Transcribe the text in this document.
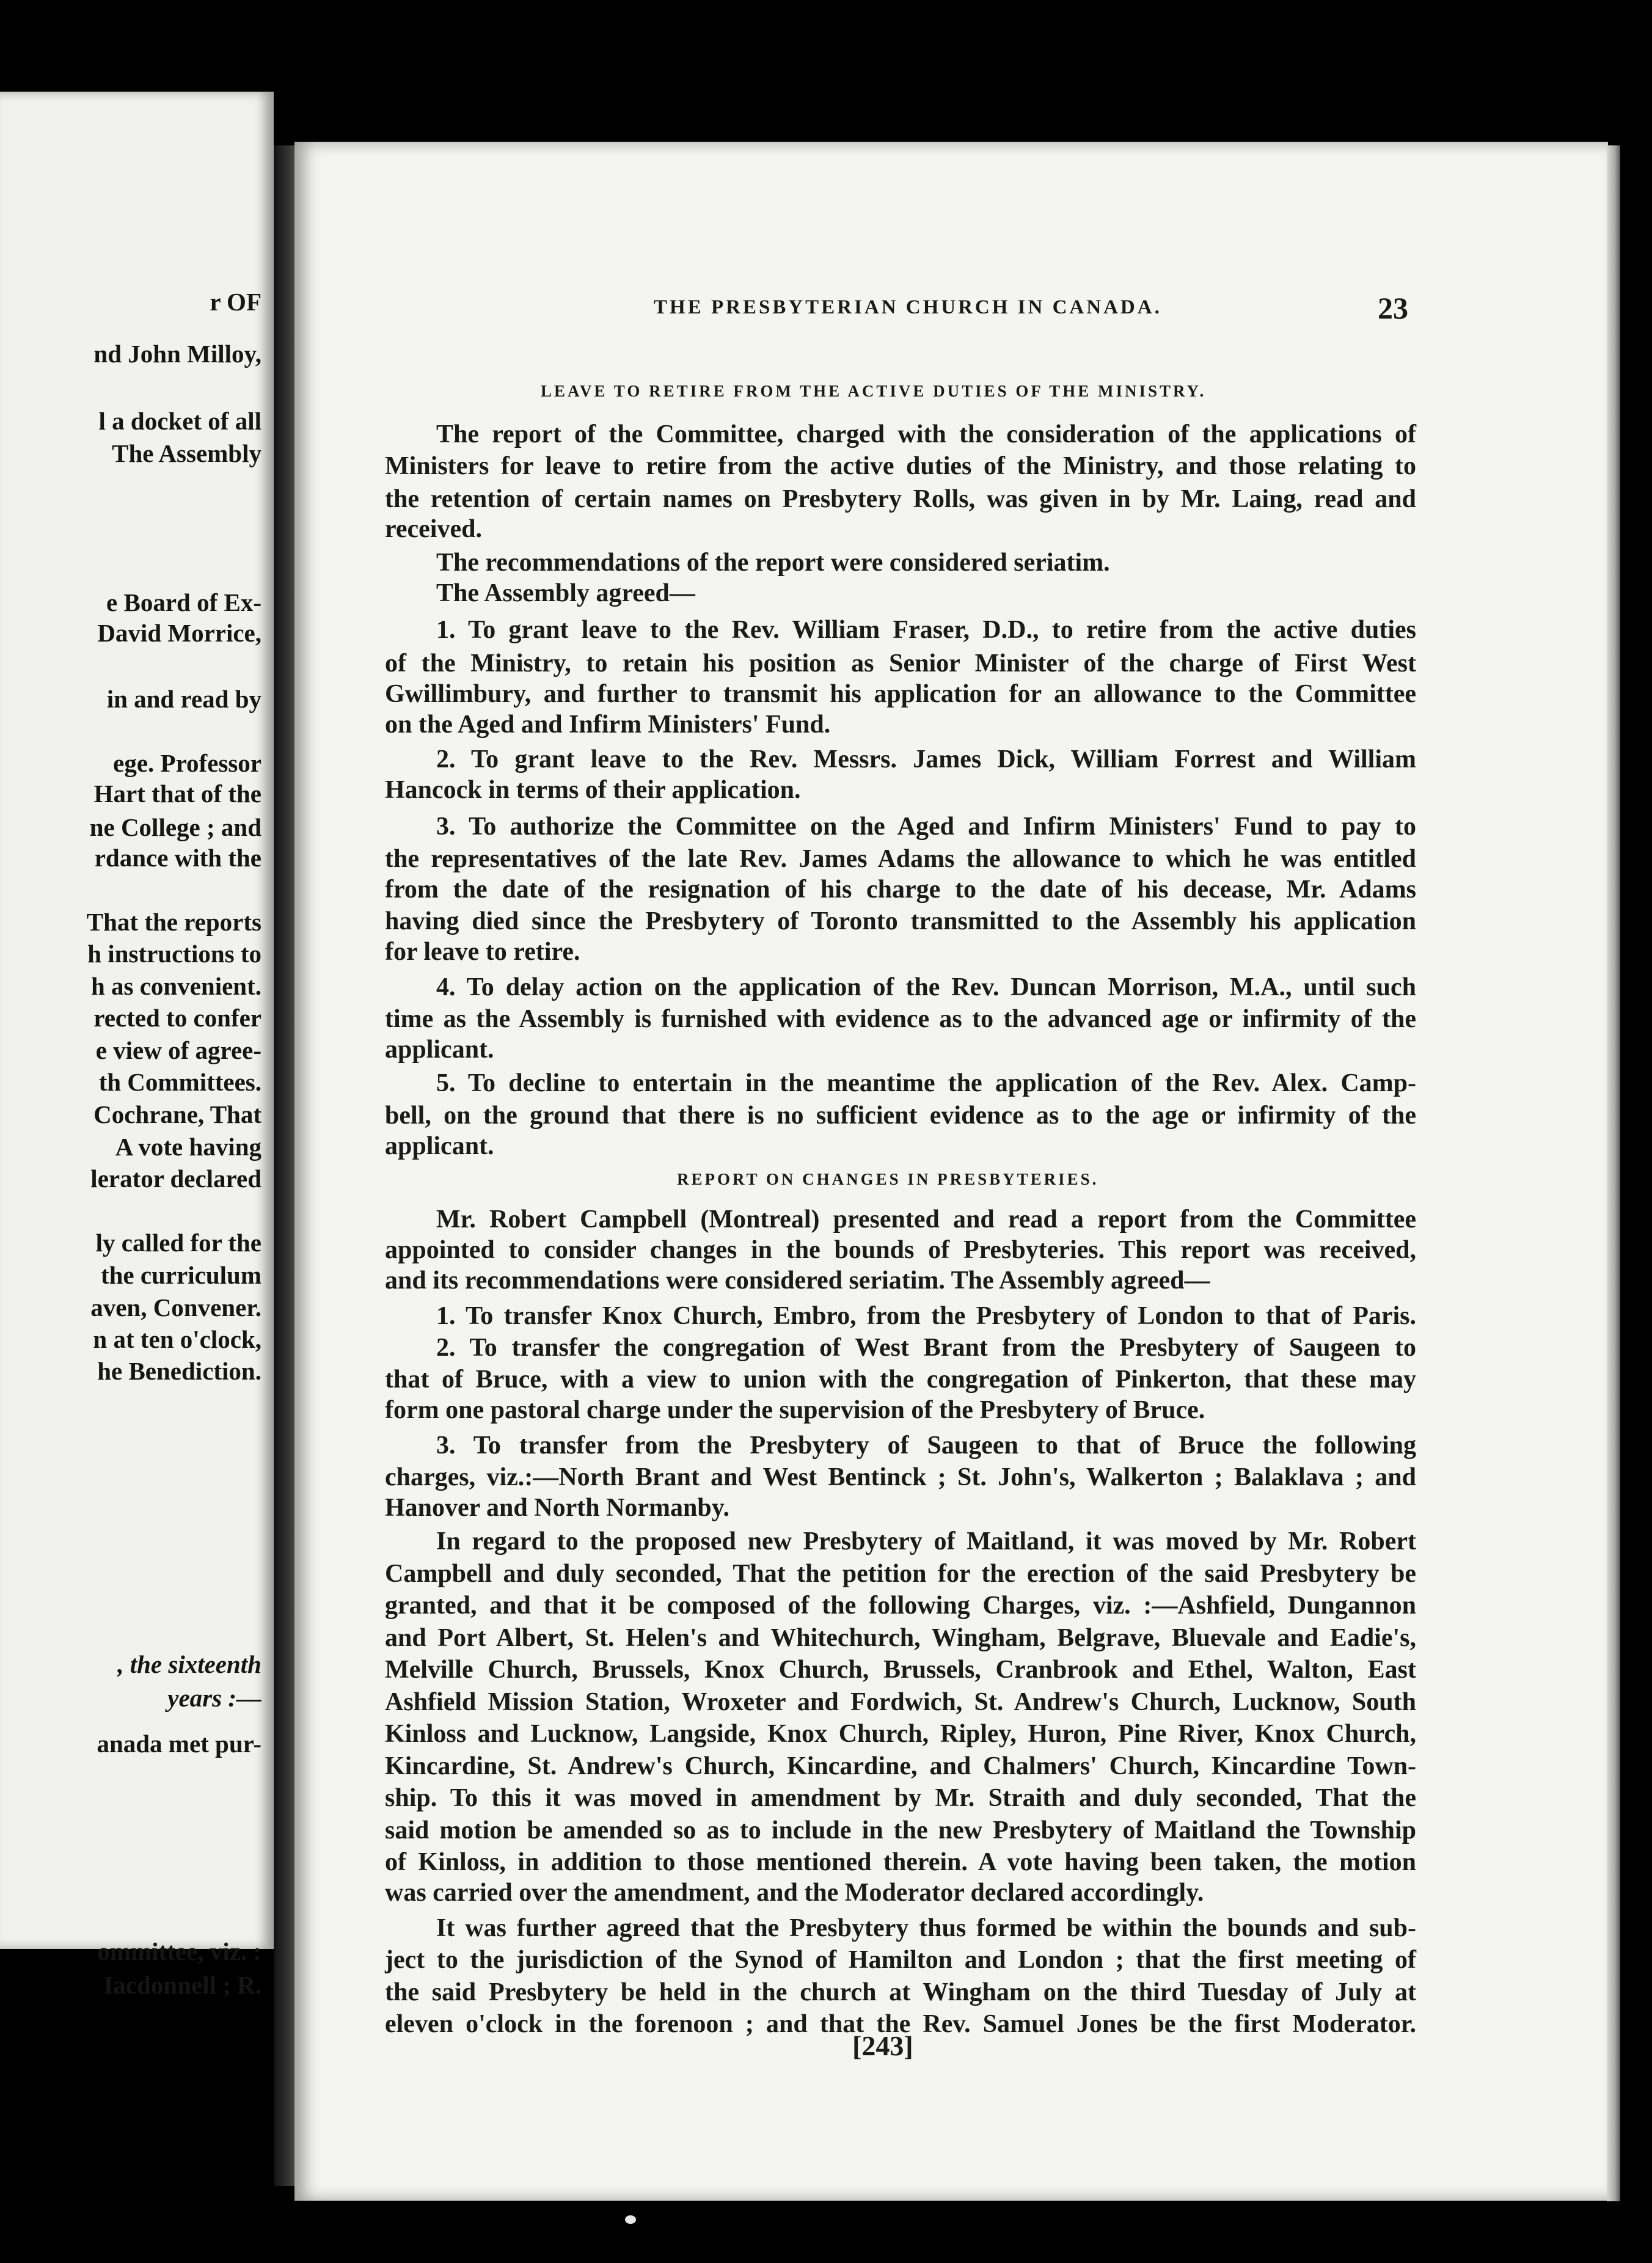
r OF
nd John Milloy,
l a docket of all
The Assembly
e Board of Ex-
David Morrice,
in and read by
ege. Professor
Hart that of the
ne College ; and
rdance with the
That the reports
h instructions to
h as convenient.
rected to confer
e view of agree-
th Committees.
Cochrane, That
A vote having
lerator declared
ly called for the
the curriculum
aven, Convener.
n at ten o'clock,
he Benediction.
, the sixteenth
years :—
anada met pur-
ommittee, viz. :
Iacdonnell ; R.
THE PRESBYTERIAN CHURCH IN CANADA.	23
LEAVE TO RETIRE FROM THE ACTIVE DUTIES OF THE MINISTRY.
REPORT ON CHANGES IN PRESBYTERIES.
The report of the Committee, charged with the consideration of the applications of
Ministers for leave to retire from the active duties of the Ministry, and those relating to
the retention of certain names on Presbytery Rolls, was given in by Mr. Laing, read and
received.
The recommendations of the report were considered seriatim.
The Assembly agreed—
1. To grant leave to the Rev. William Fraser, D.D., to retire from the active duties
of the Ministry, to retain his position as Senior Minister of the charge of First West
Gwillimbury, and further to transmit his application for an allowance to the Committee
on the Aged and Infirm Ministers' Fund.
2. To grant leave to the Rev. Messrs. James Dick, William Forrest and William
Hancock in terms of their application.
3. To authorize the Committee on the Aged and Infirm Ministers' Fund to pay to
the representatives of the late Rev. James Adams the allowance to which he was entitled
from the date of the resignation of his charge to the date of his decease, Mr. Adams
having died since the Presbytery of Toronto transmitted to the Assembly his application
for leave to retire.
4. To delay action on the application of the Rev. Duncan Morrison, M.A., until such
time as the Assembly is furnished with evidence as to the advanced age or infirmity of the
applicant.
5. To decline to entertain in the meantime the application of the Rev. Alex. Camp-
bell, on the ground that there is no sufficient evidence as to the age or infirmity of the
applicant.
Mr. Robert Campbell (Montreal) presented and read a report from the Committee
appointed to consider changes in the bounds of Presbyteries. This report was received,
and its recommendations were considered seriatim. The Assembly agreed—
1. To transfer Knox Church, Embro, from the Presbytery of London to that of Paris.
2. To transfer the congregation of West Brant from the Presbytery of Saugeen to
that of Bruce, with a view to union with the congregation of Pinkerton, that these may
form one pastoral charge under the supervision of the Presbytery of Bruce.
3. To transfer from the Presbytery of Saugeen to that of Bruce the following
charges, viz.:—North Brant and West Bentinck ; St. John's, Walkerton ; Balaklava ; and
Hanover and North Normanby.
In regard to the proposed new Presbytery of Maitland, it was moved by Mr. Robert
Campbell and duly seconded, That the petition for the erection of the said Presbytery be
granted, and that it be composed of the following Charges, viz. :—Ashfield, Dungannon
and Port Albert, St. Helen's and Whitechurch, Wingham, Belgrave, Bluevale and Eadie's,
Melville Church, Brussels, Knox Church, Brussels, Cranbrook and Ethel, Walton, East
Ashfield Mission Station, Wroxeter and Fordwich, St. Andrew's Church, Lucknow, South
Kinloss and Lucknow, Langside, Knox Church, Ripley, Huron, Pine River, Knox Church,
Kincardine, St. Andrew's Church, Kincardine, and Chalmers' Church, Kincardine Town-
ship. To this it was moved in amendment by Mr. Straith and duly seconded, That the
said motion be amended so as to include in the new Presbytery of Maitland the Township
of Kinloss, in addition to those mentioned therein. A vote having been taken, the motion
was carried over the amendment, and the Moderator declared accordingly.
It was further agreed that the Presbytery thus formed be within the bounds and sub-
ject to the jurisdiction of the Synod of Hamilton and London ; that the first meeting of
the said Presbytery be held in the church at Wingham on the third Tuesday of July at
eleven o'clock in the forenoon ; and that the Rev. Samuel Jones be the first Moderator.
[243]
